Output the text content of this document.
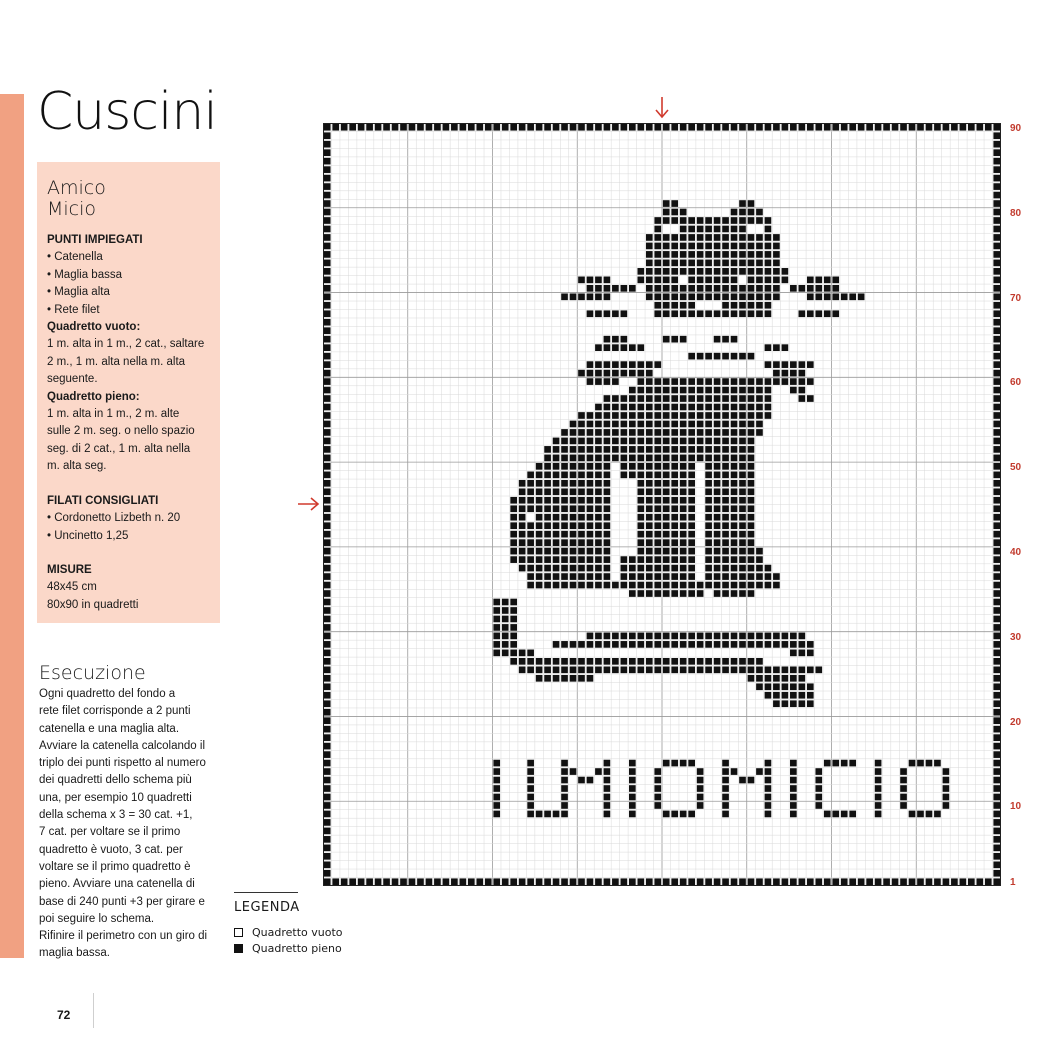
Cuscini
Amico
Micio
PUNTI IMPIEGATI
• Catenella
• Maglia bassa
• Maglia alta
• Rete filet
Quadretto vuoto:
1 m. alta in 1 m., 2 cat., saltare
2 m., 1 m. alta nella m. alta
seguente.
Quadretto pieno:
1 m. alta in 1 m., 2 m. alte
sulle 2 m. seg. o nello spazio
seg. di 2 cat., 1 m. alta nella
m. alta seg.
FILATI CONSIGLIATI
• Cordonetto Lizbeth n. 20
• Uncinetto 1,25
MISURE
48x45 cm
80x90 in quadretti
Esecuzione
Ogni quadretto del fondo a
rete filet corrisponde a 2 punti
catenella e una maglia alta.
Avviare la catenella calcolando il
triplo dei punti rispetto al numero
dei quadretti dello schema più
una, per esempio 10 quadretti
della schema x 3 = 30 cat. +1,
7 cat. per voltare se il primo
quadretto è vuoto, 3 cat. per
voltare se il primo quadretto è
pieno. Avviare una catenella di
base di 240 punti +3 per girare e
poi seguire lo schema.
Rifinire il perimetro con un giro di
maglia bassa.
72
LEGENDA
Quadretto vuoto
Quadretto pieno
90
80
70
60
50
40
30
20
10
1
